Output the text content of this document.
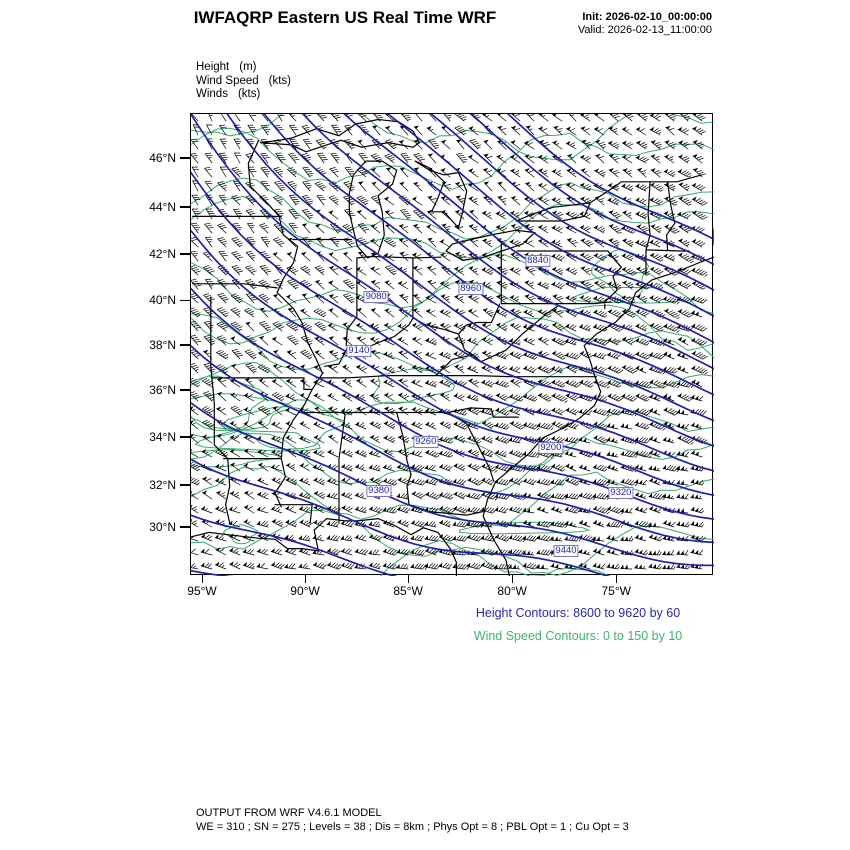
IWFAQRP Eastern US Real Time WRF	Init: 2026-02-10_00:00:00
Valid: 2026-02-13_11:00:00
Height (m)
Wind Speed (kts)
Winds (kts)
8840
8960
9080
9140
9260
9200
9380	9320
9440
46°N
44°N
42°N
40°N
38°N
36°N
34°N
32°N
30°N
95°W	90°W	85°W	80°W	75°W
Height Contours: 8600 to 9620 by 60
Wind Speed Contours: 0 to 150 by 10
OUTPUT FROM WRF V4.6.1 MODEL
WE = 310 ; SN = 275 ; Levels = 38 ; Dis = 8km ; Phys Opt = 8 ; PBL Opt = 1 ; Cu Opt = 3
